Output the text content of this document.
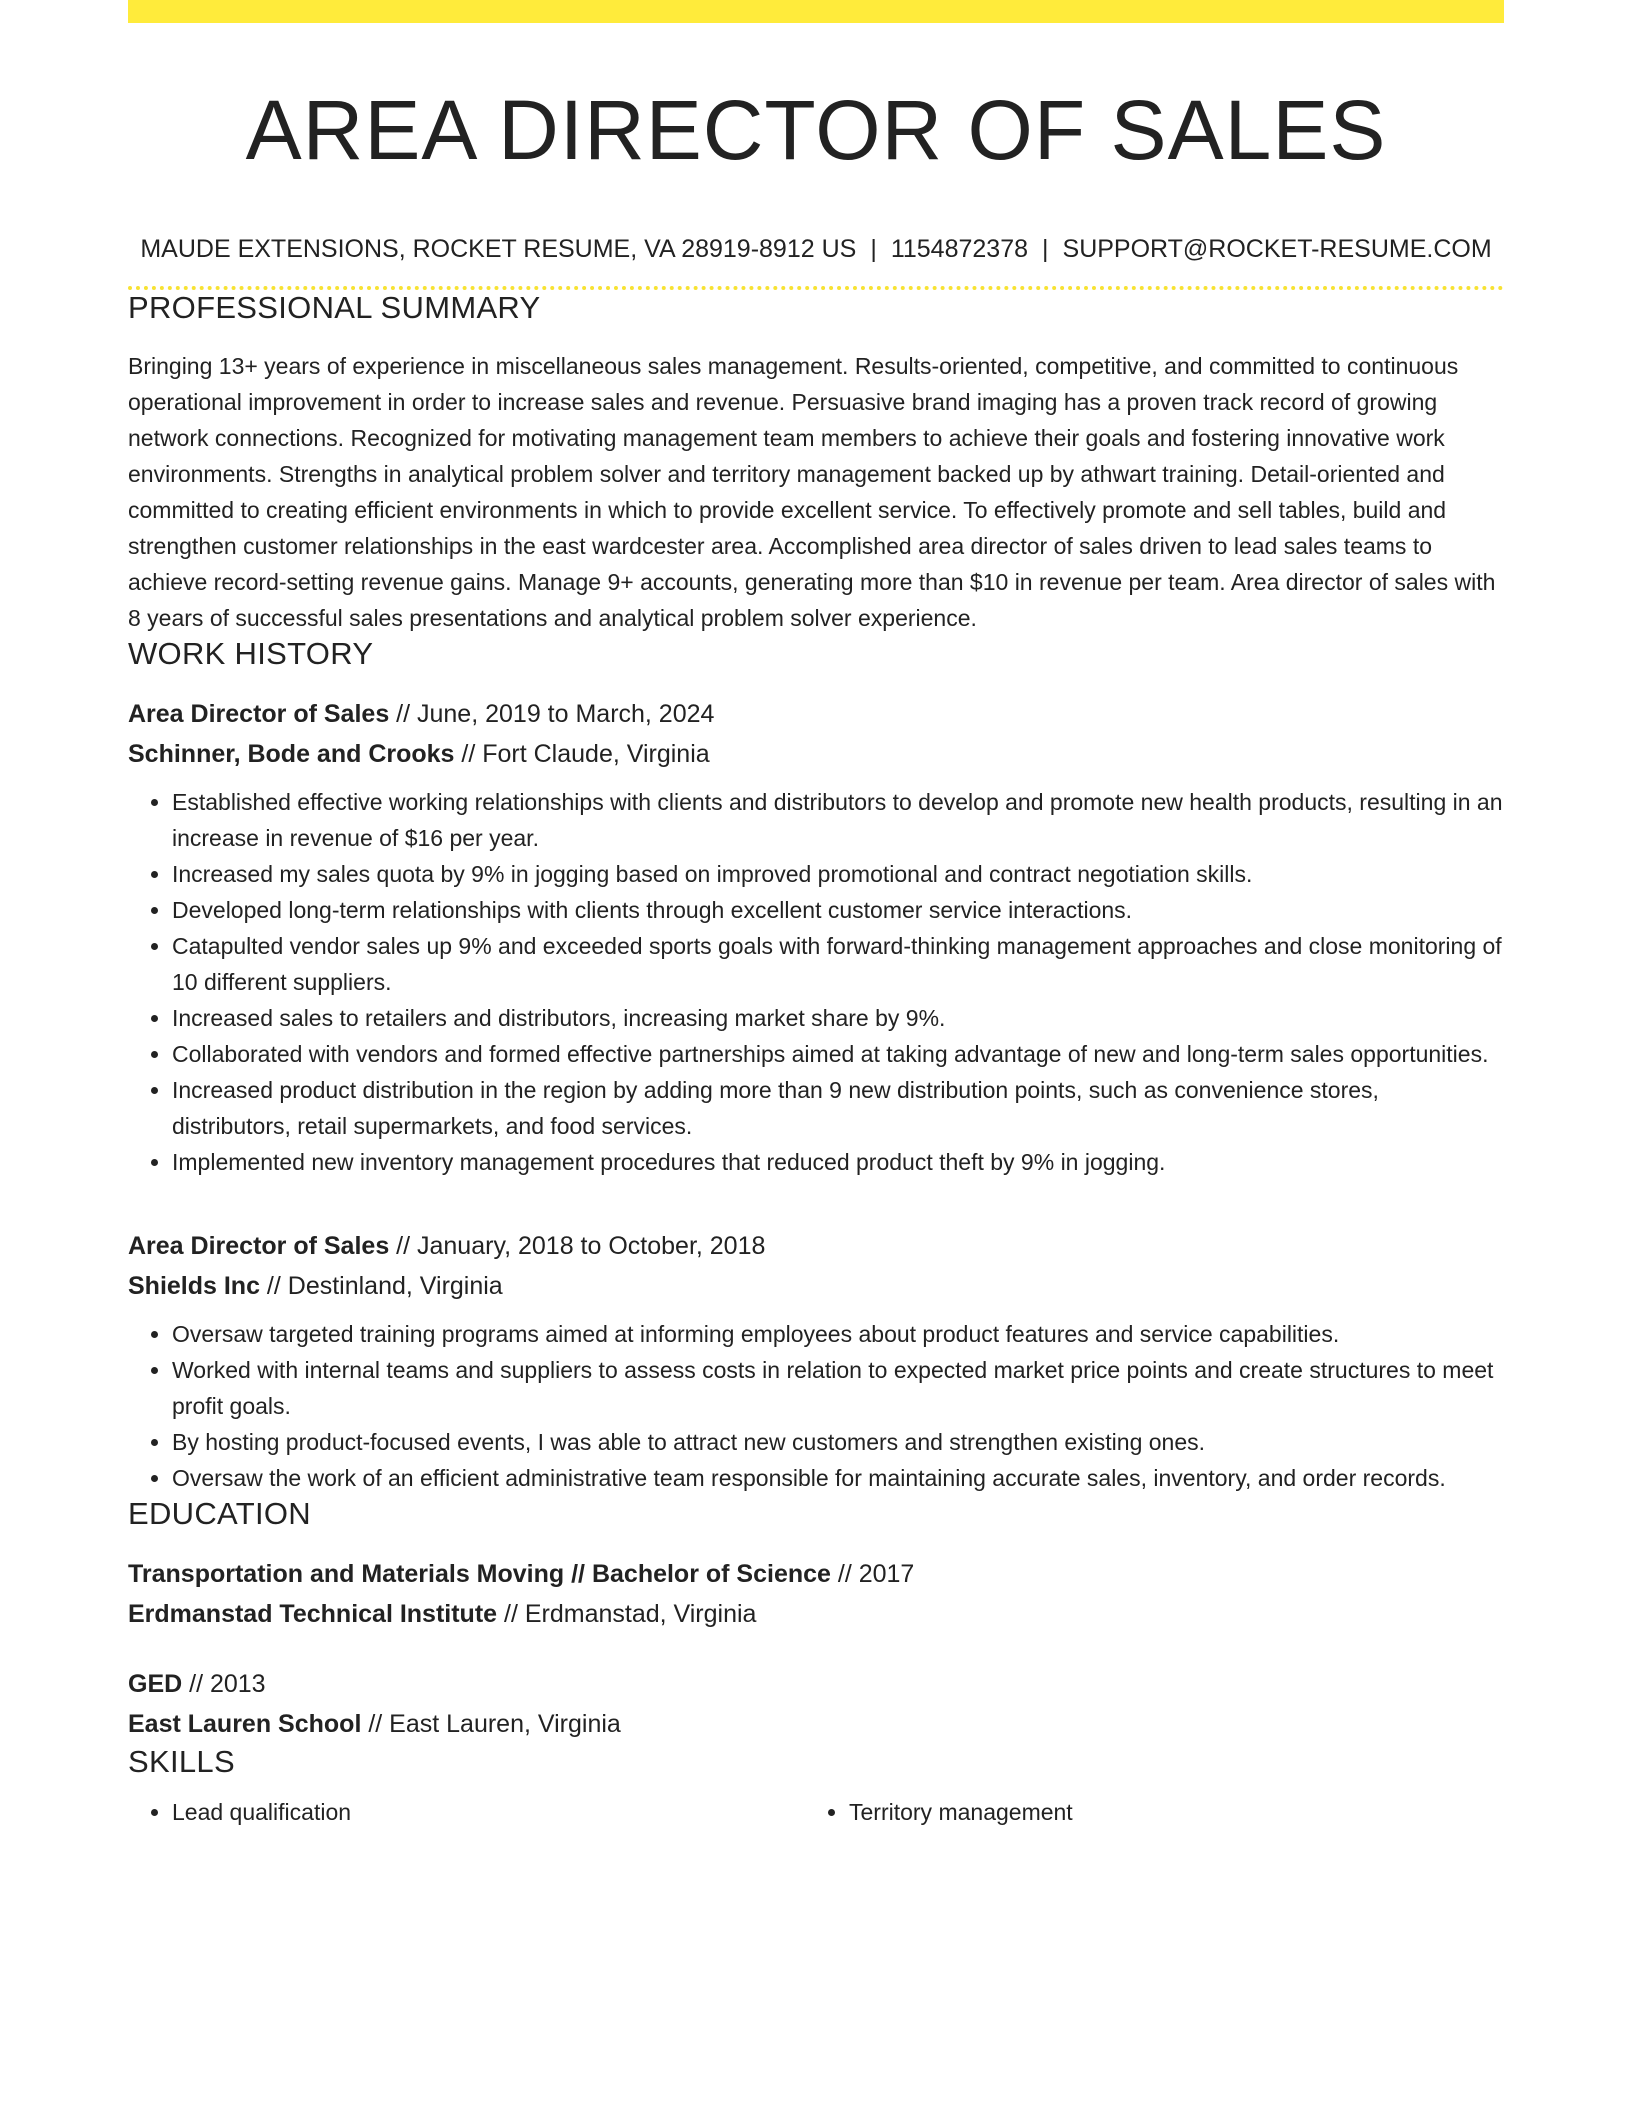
AREA DIRECTOR OF SALES
MAUDE EXTENSIONS, ROCKET RESUME, VA 28919-8912 US | 1154872378 | SUPPORT@ROCKET-RESUME.COM
PROFESSIONAL SUMMARY

Bringing 13+ years of experience in miscellaneous sales management. Results-oriented, competitive, and committed to continuous operational improvement in order to increase sales and revenue. Persuasive brand imaging has a proven track record of growing network connections. Recognized for motivating management team members to achieve their goals and fostering innovative work environments. Strengths in analytical problem solver and territory management backed up by athwart training. Detail-oriented and committed to creating efficient environments in which to provide excellent service. To effectively promote and sell tables, build and strengthen customer relationships in the east wardcester area. Accomplished area director of sales driven to lead sales teams to achieve record-setting revenue gains. Manage 9+ accounts, generating more than $10 in revenue per team. Area director of sales with 8 years of successful sales presentations and analytical problem solver experience.

WORK HISTORY
Area Director of Sales // June, 2019 to March, 2024
Schinner, Bode and Crooks // Fort Claude, Virginia
• Established effective working relationships with clients and distributors to develop and promote new health products, resulting in an increase in revenue of $16 per year.
• Increased my sales quota by 9% in jogging based on improved promotional and contract negotiation skills.
• Developed long-term relationships with clients through excellent customer service interactions.
• Catapulted vendor sales up 9% and exceeded sports goals with forward-thinking management approaches and close monitoring of 10 different suppliers.
• Increased sales to retailers and distributors, increasing market share by 9%.
• Collaborated with vendors and formed effective partnerships aimed at taking advantage of new and long-term sales opportunities.
• Increased product distribution in the region by adding more than 9 new distribution points, such as convenience stores, distributors, retail supermarkets, and food services.
• Implemented new inventory management procedures that reduced product theft by 9% in jogging.
Area Director of Sales // January, 2018 to October, 2018
Shields Inc // Destinland, Virginia
• Oversaw targeted training programs aimed at informing employees about product features and service capabilities.
• Worked with internal teams and suppliers to assess costs in relation to expected market price points and create structures to meet profit goals.
• By hosting product-focused events, I was able to attract new customers and strengthen existing ones.
• Oversaw the work of an efficient administrative team responsible for maintaining accurate sales, inventory, and order records.
EDUCATION
Transportation and Materials Moving // Bachelor of Science // 2017
Erdmanstad Technical Institute // Erdmanstad, Virginia
GED // 2013
East Lauren School // East Lauren, Virginia
SKILLS
• Lead qualification
•	Territory management
